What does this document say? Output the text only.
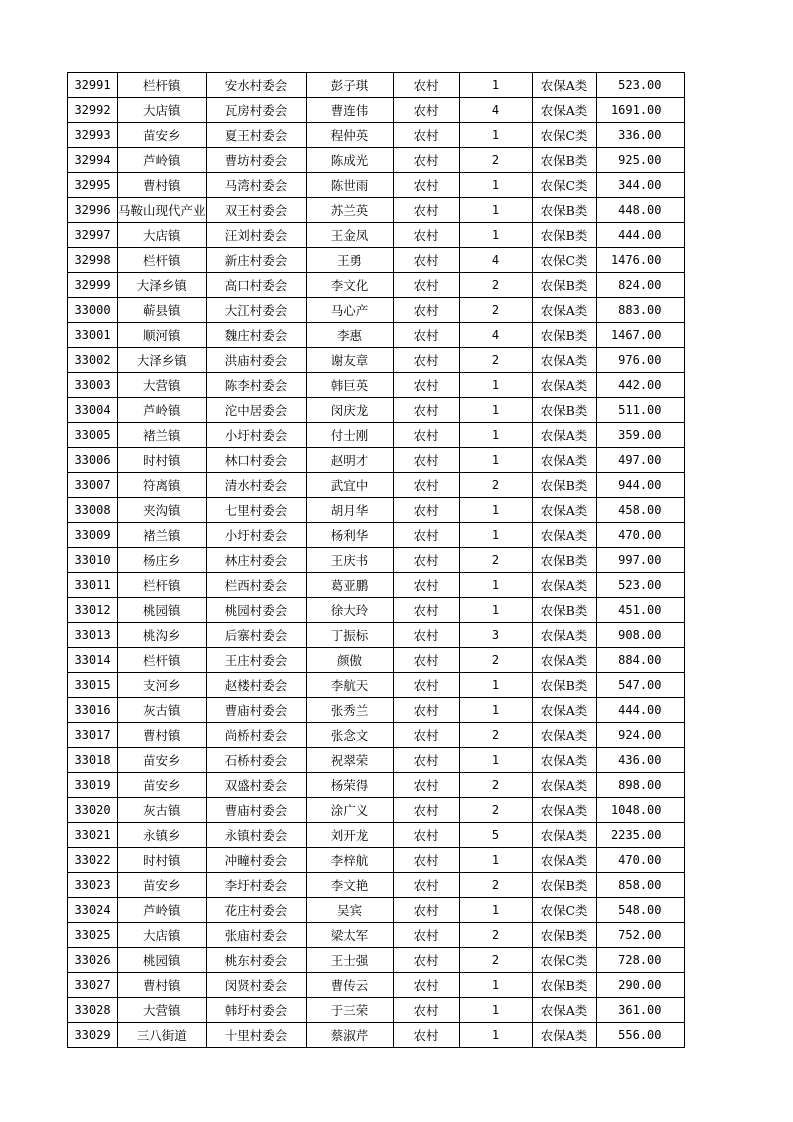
32991	栏杆镇	安水村委会	彭子琪	农村	1	农保A类	523.00
32992	大店镇	瓦房村委会	曹连伟	农村	4	农保A类	1691.00
32993	苗安乡	夏王村委会	程仲英	农村	1	农保C类	336.00
32994	芦岭镇	曹坊村委会	陈成光	农村	2	农保B类	925.00
32995	曹村镇	马湾村委会	陈世雨	农村	1	农保C类	344.00
32996	马鞍山现代产业	双王村委会	苏兰英	农村	1	农保B类	448.00
32997	大店镇	汪刘村委会	王金凤	农村	1	农保B类	444.00
32998	栏杆镇	新庄村委会	王勇	农村	4	农保C类	1476.00
32999	大泽乡镇	高口村委会	李文化	农村	2	农保B类	824.00
33000	蕲县镇	大江村委会	马心产	农村	2	农保A类	883.00
33001	顺河镇	魏庄村委会	李惠	农村	4	农保B类	1467.00
33002	大泽乡镇	洪庙村委会	谢友章	农村	2	农保A类	976.00
33003	大营镇	陈李村委会	韩巨英	农村	1	农保A类	442.00
33004	芦岭镇	沱中居委会	闵庆龙	农村	1	农保B类	511.00
33005	褚兰镇	小圩村委会	付士刚	农村	1	农保A类	359.00
33006	时村镇	林口村委会	赵明才	农村	1	农保A类	497.00
33007	符离镇	清水村委会	武宜中	农村	2	农保B类	944.00
33008	夹沟镇	七里村委会	胡月华	农村	1	农保A类	458.00
33009	褚兰镇	小圩村委会	杨利华	农村	1	农保A类	470.00
33010	杨庄乡	林庄村委会	王庆书	农村	2	农保B类	997.00
33011	栏杆镇	栏西村委会	葛亚鹏	农村	1	农保A类	523.00
33012	桃园镇	桃园村委会	徐大玲	农村	1	农保B类	451.00
33013	桃沟乡	后寨村委会	丁振标	农村	3	农保A类	908.00
33014	栏杆镇	王庄村委会	颜傲	农村	2	农保A类	884.00
33015	支河乡	赵楼村委会	李航天	农村	1	农保B类	547.00
33016	灰古镇	曹庙村委会	张秀兰	农村	1	农保A类	444.00
33017	曹村镇	尚桥村委会	张念文	农村	2	农保A类	924.00
33018	苗安乡	石桥村委会	祝翠荣	农村	1	农保A类	436.00
33019	苗安乡	双盛村委会	杨荣得	农村	2	农保A类	898.00
33020	灰古镇	曹庙村委会	涂广义	农村	2	农保A类	1048.00
33021	永镇乡	永镇村委会	刘开龙	农村	5	农保A类	2235.00
33022	时村镇	冲疃村委会	李梓航	农村	1	农保A类	470.00
33023	苗安乡	李圩村委会	李文艳	农村	2	农保B类	858.00
33024	芦岭镇	花庄村委会	吴宾	农村	1	农保C类	548.00
33025	大店镇	张庙村委会	梁太军	农村	2	农保B类	752.00
33026	桃园镇	桃东村委会	王士强	农村	2	农保C类	728.00
33027	曹村镇	闵贤村委会	曹传云	农村	1	农保B类	290.00
33028	大营镇	韩圩村委会	于三荣	农村	1	农保A类	361.00
33029	三八街道	十里村委会	蔡淑芹	农村	1	农保A类	556.00
